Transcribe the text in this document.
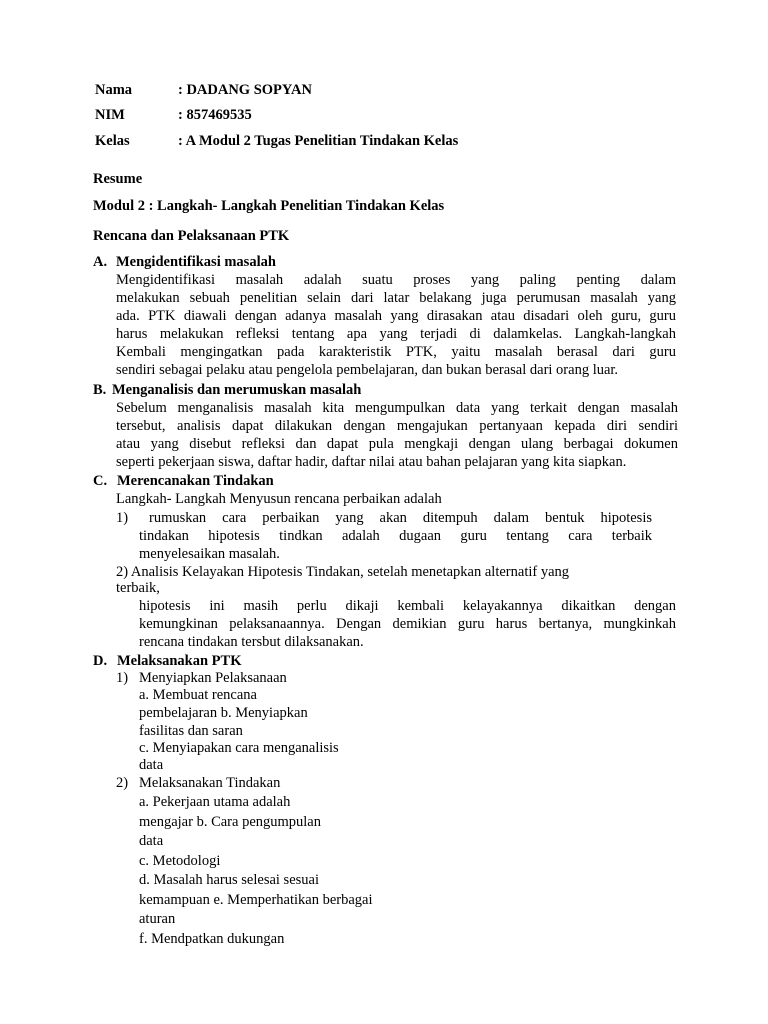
Nama	: DADANG SOPYAN
NIM	: 857469535
Kelas	: A Modul 2 Tugas Penelitian Tindakan Kelas
Resume
Modul 2 : Langkah- Langkah Penelitian Tindakan Kelas
Rencana dan Pelaksanaan PTK
A. Mengidentifikasi masalah
Mengidentifikasi masalah adalah suatu proses yang paling penting dalam
melakukan sebuah penelitian selain dari latar belakang juga perumusan masalah yang
ada. PTK diawali dengan adanya masalah yang dirasakan atau disadari oleh guru, guru
harus melakukan refleksi tentang apa yang terjadi di dalamkelas. Langkah-langkah
Kembali mengingatkan pada karakteristik PTK, yaitu masalah berasal dari guru
sendiri sebagai pelaku atau pengelola pembelajaran, dan bukan berasal dari orang luar.
B. Menganalisis dan merumuskan masalah
Sebelum menganalisis masalah kita mengumpulkan data yang terkait dengan masalah
tersebut, analisis dapat dilakukan dengan mengajukan pertanyaan kepada diri sendiri
atau yang disebut refleksi dan dapat pula mengkaji dengan ulang berbagai dokumen
seperti pekerjaan siswa, daftar hadir, daftar nilai atau bahan pelajaran yang kita siapkan.
C. Merencanakan Tindakan
Langkah- Langkah Menyusun rencana perbaikan adalah
1) rumuskan cara perbaikan yang akan ditempuh dalam bentuk hipotesis
tindakan hipotesis tindkan adalah dugaan guru tentang cara terbaik
menyelesaikan masalah.
2) Analisis Kelayakan Hipotesis Tindakan, setelah menetapkan alternatif yang
terbaik,
hipotesis ini masih perlu dikaji kembali kelayakannya dikaitkan dengan
kemungkinan pelaksanaannya. Dengan demikian guru harus bertanya, mungkinkah
rencana tindakan tersbut dilaksanakan.
D. Melaksanakan PTK
1) Menyiapkan Pelaksanaan
a. Membuat rencana
pembelajaran b. Menyiapkan
fasilitas dan saran
c. Menyiapakan cara menganalisis
data
2) Melaksanakan Tindakan
a. Pekerjaan utama adalah
mengajar b. Cara pengumpulan
data
c. Metodologi
d. Masalah harus selesai sesuai
kemampuan e. Memperhatikan berbagai
aturan
f. Mendpatkan dukungan
